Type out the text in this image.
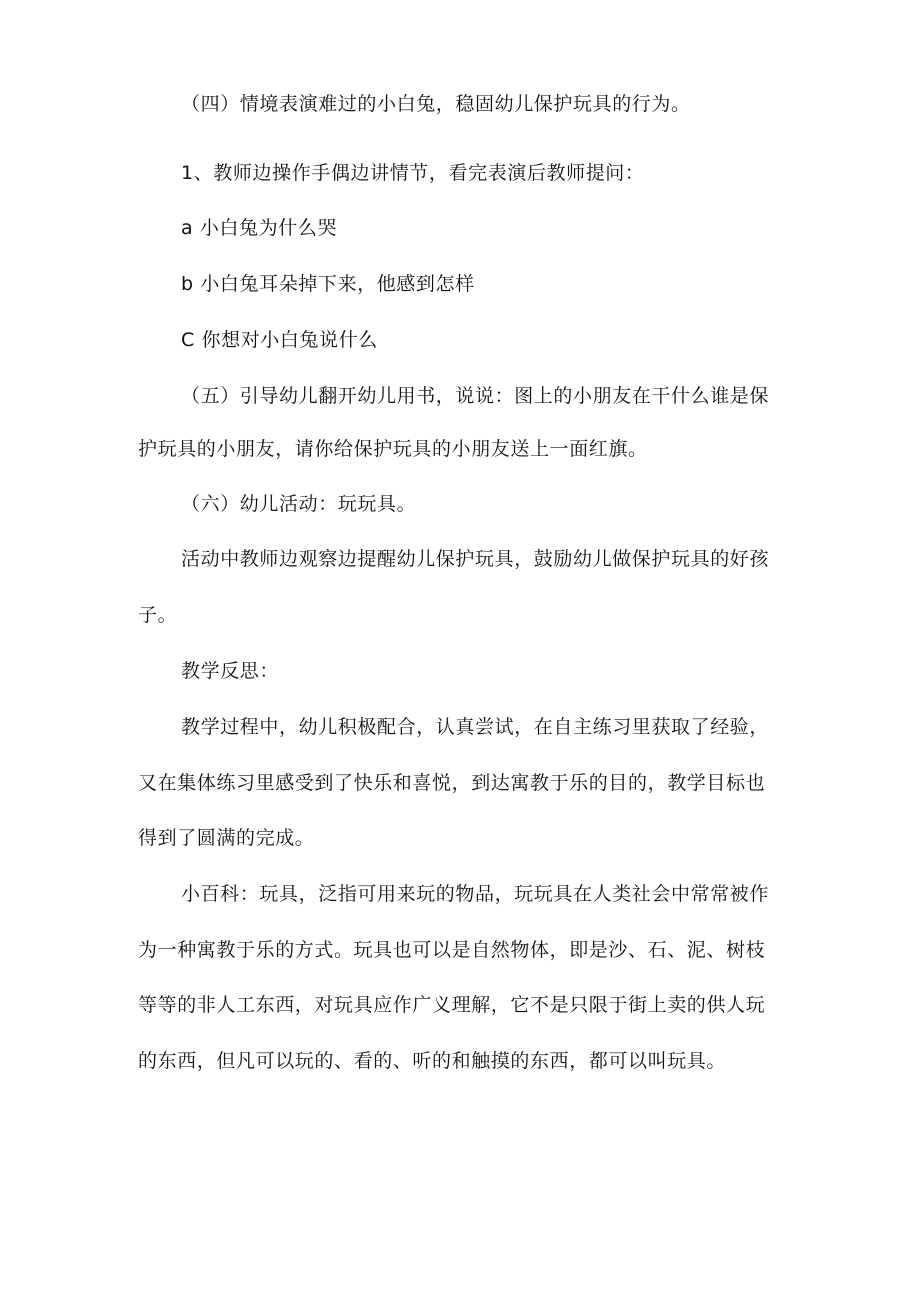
（四）情境表演难过的小白兔，稳固幼儿保护玩具的行为。
1、教师边操作手偶边讲情节，看完表演后教师提问：
a 小白兔为什么哭
b 小白兔耳朵掉下来，他感到怎样
C 你想对小白兔说什么
（五）引导幼儿翻开幼儿用书，说说：图上的小朋友在干什么谁是保
护玩具的小朋友，请你给保护玩具的小朋友送上一面红旗。
（六）幼儿活动：玩玩具。
活动中教师边观察边提醒幼儿保护玩具，鼓励幼儿做保护玩具的好孩
子。
教学反思：
教学过程中，幼儿积极配合，认真尝试，在自主练习里获取了经验，
又在集体练习里感受到了快乐和喜悦，到达寓教于乐的目的，教学目标也
得到了圆满的完成。
小百科：玩具，泛指可用来玩的物品，玩玩具在人类社会中常常被作
为一种寓教于乐的方式。玩具也可以是自然物体，即是沙、石、泥、树枝
等等的非人工东西，对玩具应作广义理解，它不是只限于街上卖的供人玩
的东西，但凡可以玩的、看的、听的和触摸的东西，都可以叫玩具。
